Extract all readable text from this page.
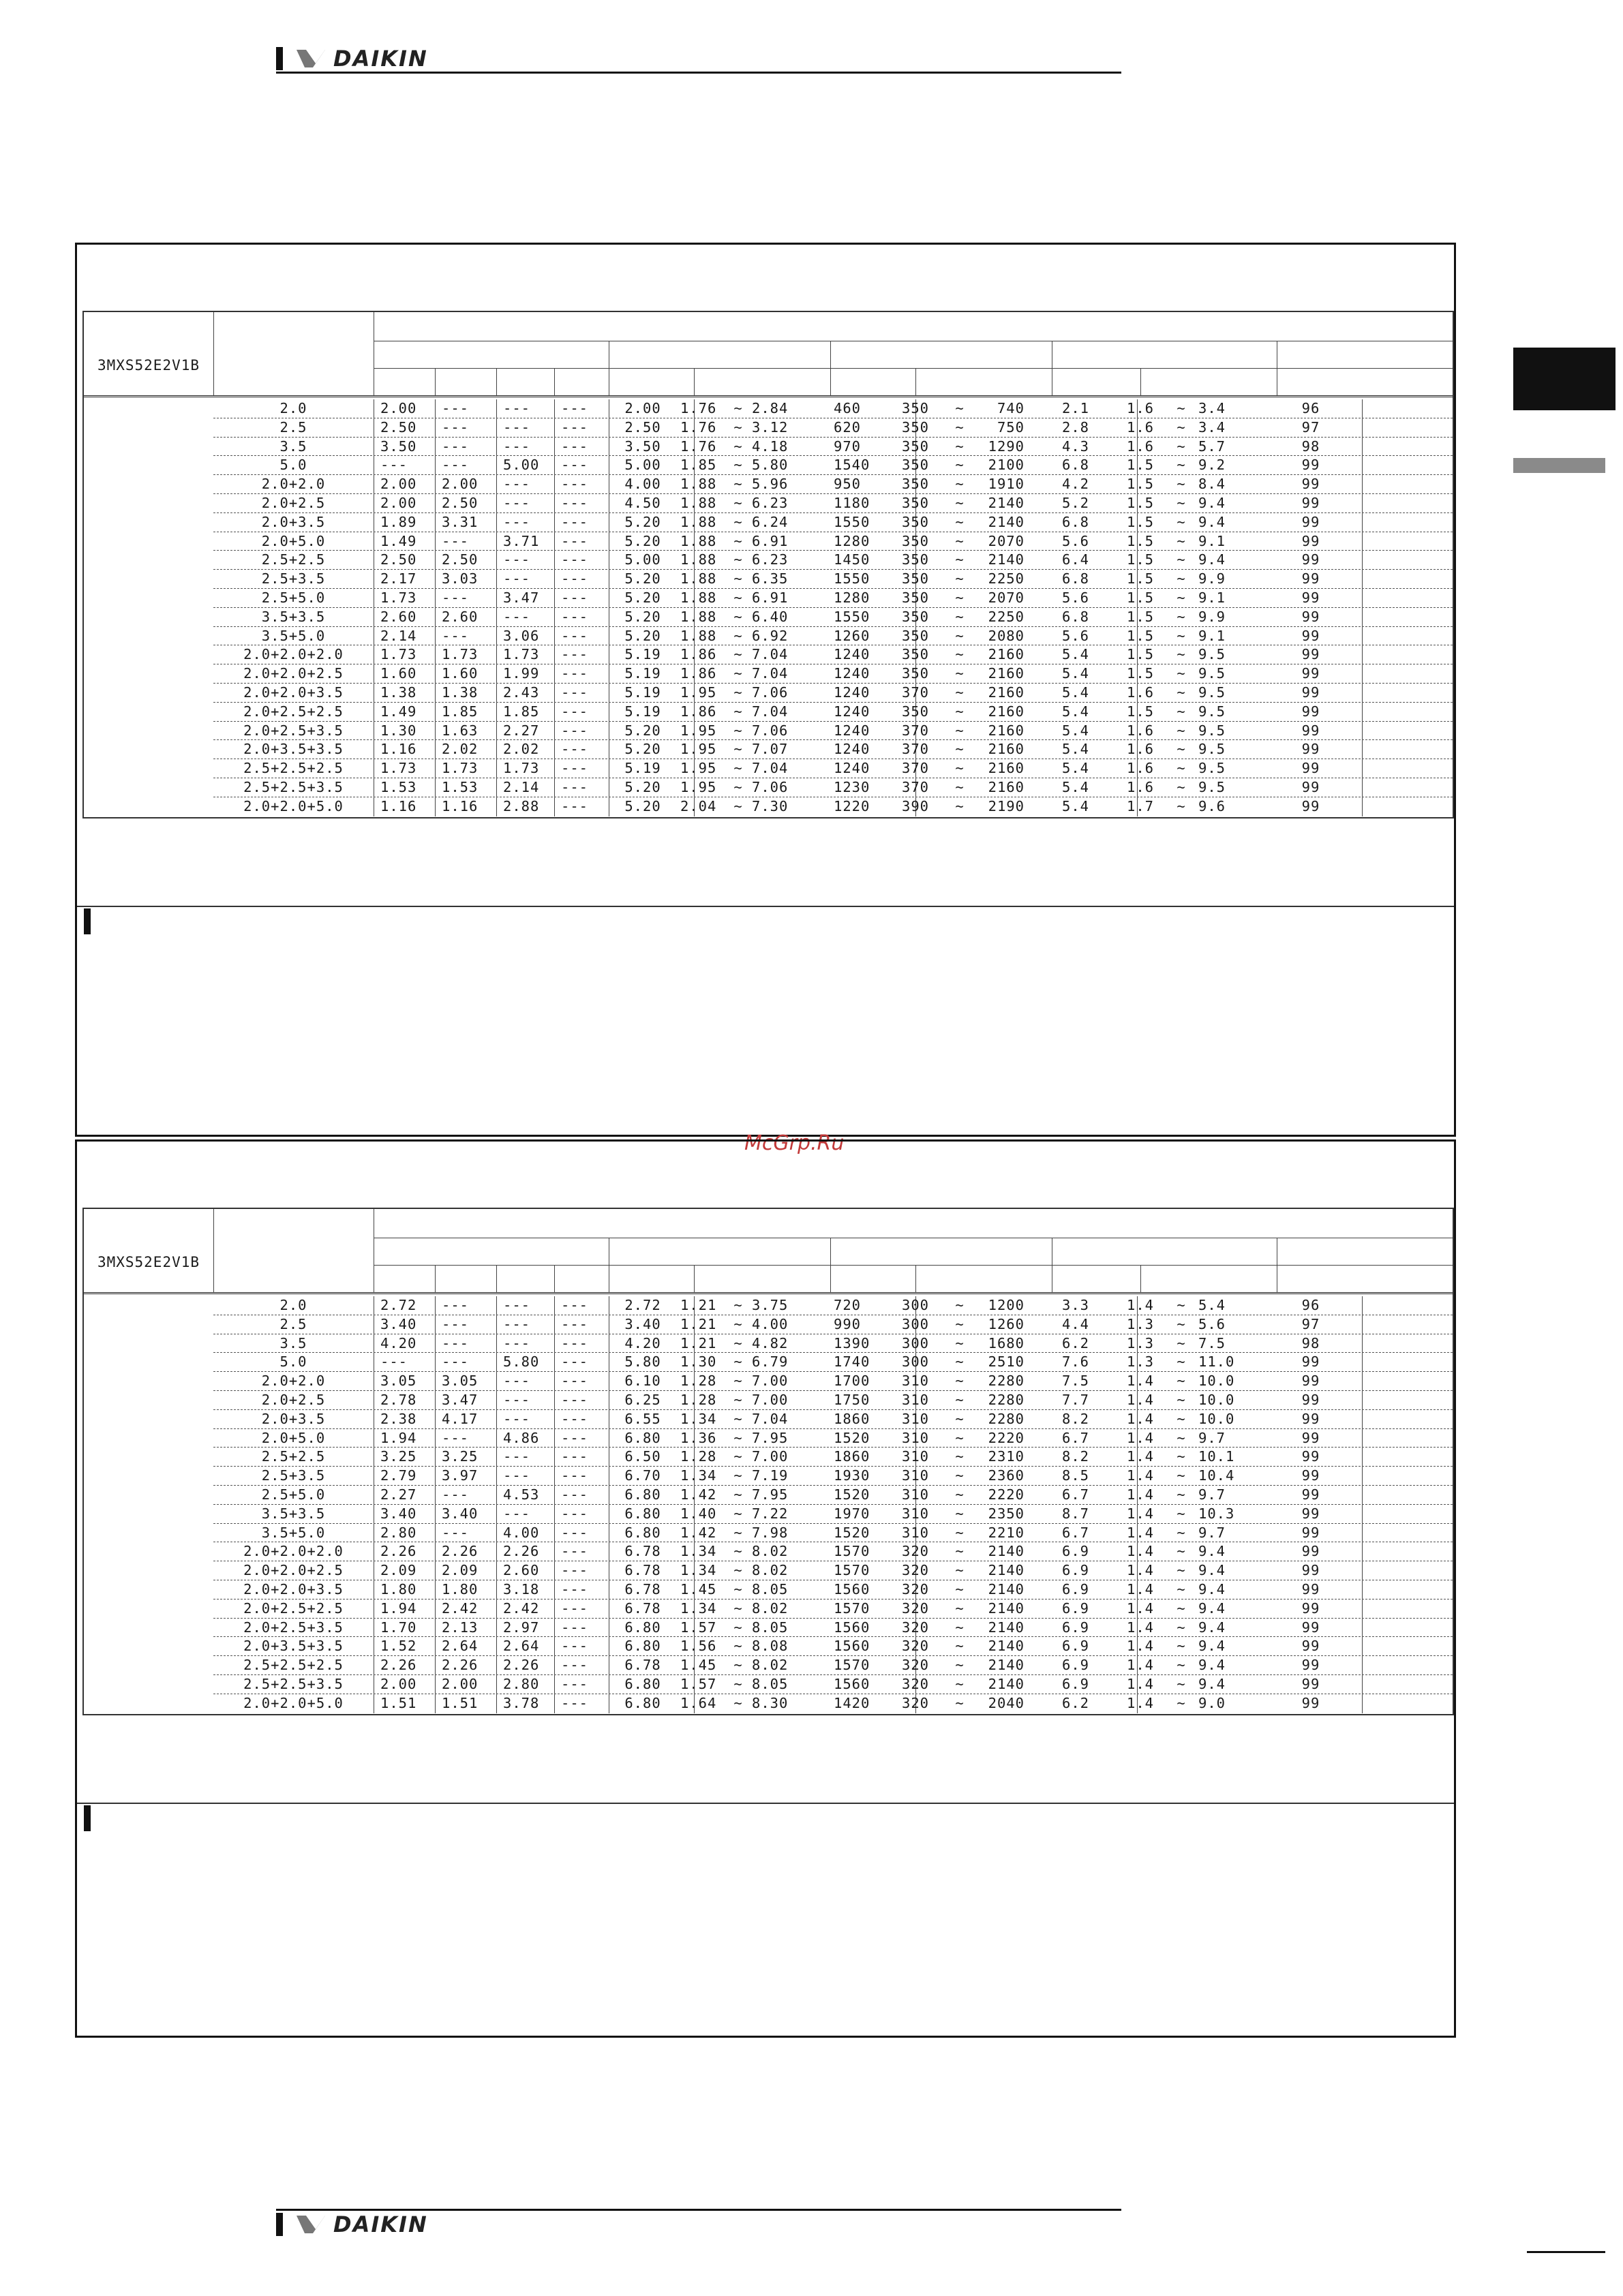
DAIKIN
3MXS52E2V1B
2.0	2.00	---	---	---	2.00	1.76	~ 2.84	460	350	~	740	2.1	1.6	~ 3.4	96
2.5	2.50	---	---	---	2.50	1.76	~ 3.12	620	350	~	750	2.8	1.6	~ 3.4	97
3.5	3.50	---	---	---	3.50	1.76	~ 4.18	970	350	~	1290	4.3	1.6	~ 5.7	98
5.0	---	---	5.00	---	5.00	1.85	~ 5.80	1540	350	~	2100	6.8	1.5	~ 9.2	99
2.0+2.0	2.00	2.00	---	---	4.00	1.88	~ 5.96	950	350	~	1910	4.2	1.5	~ 8.4	99
2.0+2.5	2.00	2.50	---	---	4.50	1.88	~ 6.23	1180	350	~	2140	5.2	1.5	~ 9.4	99
2.0+3.5	1.89	3.31	---	---	5.20	1.88	~ 6.24	1550	350	~	2140	6.8	1.5	~ 9.4	99
2.0+5.0	1.49	---	3.71	---	5.20	1.88	~ 6.91	1280	350	~	2070	5.6	1.5	~ 9.1	99
2.5+2.5	2.50	2.50	---	---	5.00	1.88	~ 6.23	1450	350	~	2140	6.4	1.5	~ 9.4	99
2.5+3.5	2.17	3.03	---	---	5.20	1.88	~ 6.35	1550	350	~	2250	6.8	1.5	~ 9.9	99
2.5+5.0	1.73	---	3.47	---	5.20	1.88	~ 6.91	1280	350	~	2070	5.6	1.5	~ 9.1	99
3.5+3.5	2.60	2.60	---	---	5.20	1.88	~ 6.40	1550	350	~	2250	6.8	1.5	~ 9.9	99
3.5+5.0	2.14	---	3.06	---	5.20	1.88	~ 6.92	1260	350	~	2080	5.6	1.5	~ 9.1	99
2.0+2.0+2.0	1.73	1.73	1.73	---	5.19	1.86	~ 7.04	1240	350	~	2160	5.4	1.5	~ 9.5	99
2.0+2.0+2.5	1.60	1.60	1.99	---	5.19	1.86	~ 7.04	1240	350	~	2160	5.4	1.5	~ 9.5	99
2.0+2.0+3.5	1.38	1.38	2.43	---	5.19	1.95	~ 7.06	1240	370	~	2160	5.4	1.6	~ 9.5	99
2.0+2.5+2.5	1.49	1.85	1.85	---	5.19	1.86	~ 7.04	1240	350	~	2160	5.4	1.5	~ 9.5	99
2.0+2.5+3.5	1.30	1.63	2.27	---	5.20	1.95	~ 7.06	1240	370	~	2160	5.4	1.6	~ 9.5	99
2.0+3.5+3.5	1.16	2.02	2.02	---	5.20	1.95	~ 7.07	1240	370	~	2160	5.4	1.6	~ 9.5	99
2.5+2.5+2.5	1.73	1.73	1.73	---	5.19	1.95	~ 7.04	1240	370	~	2160	5.4	1.6	~ 9.5	99
2.5+2.5+3.5	1.53	1.53	2.14	---	5.20	1.95	~ 7.06	1230	370	~	2160	5.4	1.6	~ 9.5	99
2.0+2.0+5.0	1.16	1.16	2.88	---	5.20	2.04	~ 7.30	1220	390	~	2190	5.4	1.7	~ 9.6	99
McGrp.Ru
3MXS52E2V1B
2.0	2.72	---	---	---	2.72	1.21	~ 3.75	720	300	~	1200	3.3	1.4	~ 5.4	96
2.5	3.40	---	---	---	3.40	1.21	~ 4.00	990	300	~	1260	4.4	1.3	~ 5.6	97
3.5	4.20	---	---	---	4.20	1.21	~ 4.82	1390	300	~	1680	6.2	1.3	~ 7.5	98
5.0	---	---	5.80	---	5.80	1.30	~ 6.79	1740	300	~	2510	7.6	1.3	~ 11.0	99
2.0+2.0	3.05	3.05	---	---	6.10	1.28	~ 7.00	1700	310	~	2280	7.5	1.4	~ 10.0	99
2.0+2.5	2.78	3.47	---	---	6.25	1.28	~ 7.00	1750	310	~	2280	7.7	1.4	~ 10.0	99
2.0+3.5	2.38	4.17	---	---	6.55	1.34	~ 7.04	1860	310	~	2280	8.2	1.4	~ 10.0	99
2.0+5.0	1.94	---	4.86	---	6.80	1.36	~ 7.95	1520	310	~	2220	6.7	1.4	~ 9.7	99
2.5+2.5	3.25	3.25	---	---	6.50	1.28	~ 7.00	1860	310	~	2310	8.2	1.4	~ 10.1	99
2.5+3.5	2.79	3.97	---	---	6.70	1.34	~ 7.19	1930	310	~	2360	8.5	1.4	~ 10.4	99
2.5+5.0	2.27	---	4.53	---	6.80	1.42	~ 7.95	1520	310	~	2220	6.7	1.4	~ 9.7	99
3.5+3.5	3.40	3.40	---	---	6.80	1.40	~ 7.22	1970	310	~	2350	8.7	1.4	~ 10.3	99
3.5+5.0	2.80	---	4.00	---	6.80	1.42	~ 7.98	1520	310	~	2210	6.7	1.4	~ 9.7	99
2.0+2.0+2.0	2.26	2.26	2.26	---	6.78	1.34	~ 8.02	1570	320	~	2140	6.9	1.4	~ 9.4	99
2.0+2.0+2.5	2.09	2.09	2.60	---	6.78	1.34	~ 8.02	1570	320	~	2140	6.9	1.4	~ 9.4	99
2.0+2.0+3.5	1.80	1.80	3.18	---	6.78	1.45	~ 8.05	1560	320	~	2140	6.9	1.4	~ 9.4	99
2.0+2.5+2.5	1.94	2.42	2.42	---	6.78	1.34	~ 8.02	1570	320	~	2140	6.9	1.4	~ 9.4	99
2.0+2.5+3.5	1.70	2.13	2.97	---	6.80	1.57	~ 8.05	1560	320	~	2140	6.9	1.4	~ 9.4	99
2.0+3.5+3.5	1.52	2.64	2.64	---	6.80	1.56	~ 8.08	1560	320	~	2140	6.9	1.4	~ 9.4	99
2.5+2.5+2.5	2.26	2.26	2.26	---	6.78	1.45	~ 8.02	1570	320	~	2140	6.9	1.4	~ 9.4	99
2.5+2.5+3.5	2.00	2.00	2.80	---	6.80	1.57	~ 8.05	1560	320	~	2140	6.9	1.4	~ 9.4	99
2.0+2.0+5.0	1.51	1.51	3.78	---	6.80	1.64	~ 8.30	1420	320	~	2040	6.2	1.4	~ 9.0	99
DAIKIN
